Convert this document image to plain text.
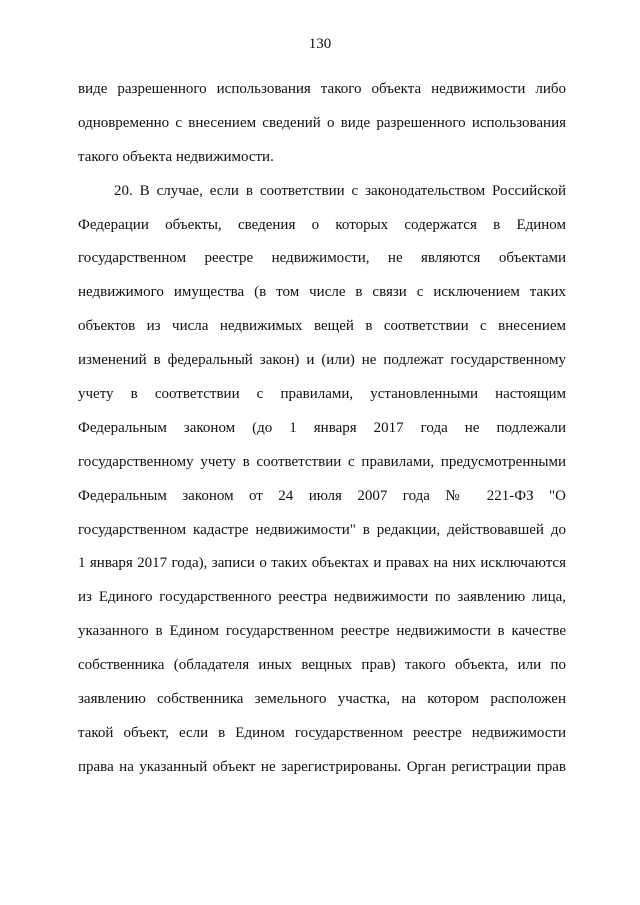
130
виде разрешенного использования такого объекта недвижимости либо
одновременно с внесением сведений о виде разрешенного использования
такого объекта недвижимости.
20. В случае, если в соответствии с законодательством Российской
Федерации объекты, сведения о которых содержатся в Едином
государственном реестре недвижимости, не являются объектами
недвижимого имущества (в том числе в связи с исключением таких
объектов из числа недвижимых вещей в соответствии с внесением
изменений в федеральный закон) и (или) не подлежат государственному
учету в соответствии с правилами, установленными настоящим
Федеральным законом (до 1 января 2017 года не подлежали
государственному учету в соответствии с правилами, предусмотренными
Федеральным законом от 24 июля 2007 года № 221-ФЗ "О
государственном кадастре недвижимости" в редакции, действовавшей до
1 января 2017 года), записи о таких объектах и правах на них исключаются
из Единого государственного реестра недвижимости по заявлению лица,
указанного в Едином государственном реестре недвижимости в качестве
собственника (обладателя иных вещных прав) такого объекта, или по
заявлению собственника земельного участка, на котором расположен
такой объект, если в Едином государственном реестре недвижимости
права на указанный объект не зарегистрированы. Орган регистрации прав
